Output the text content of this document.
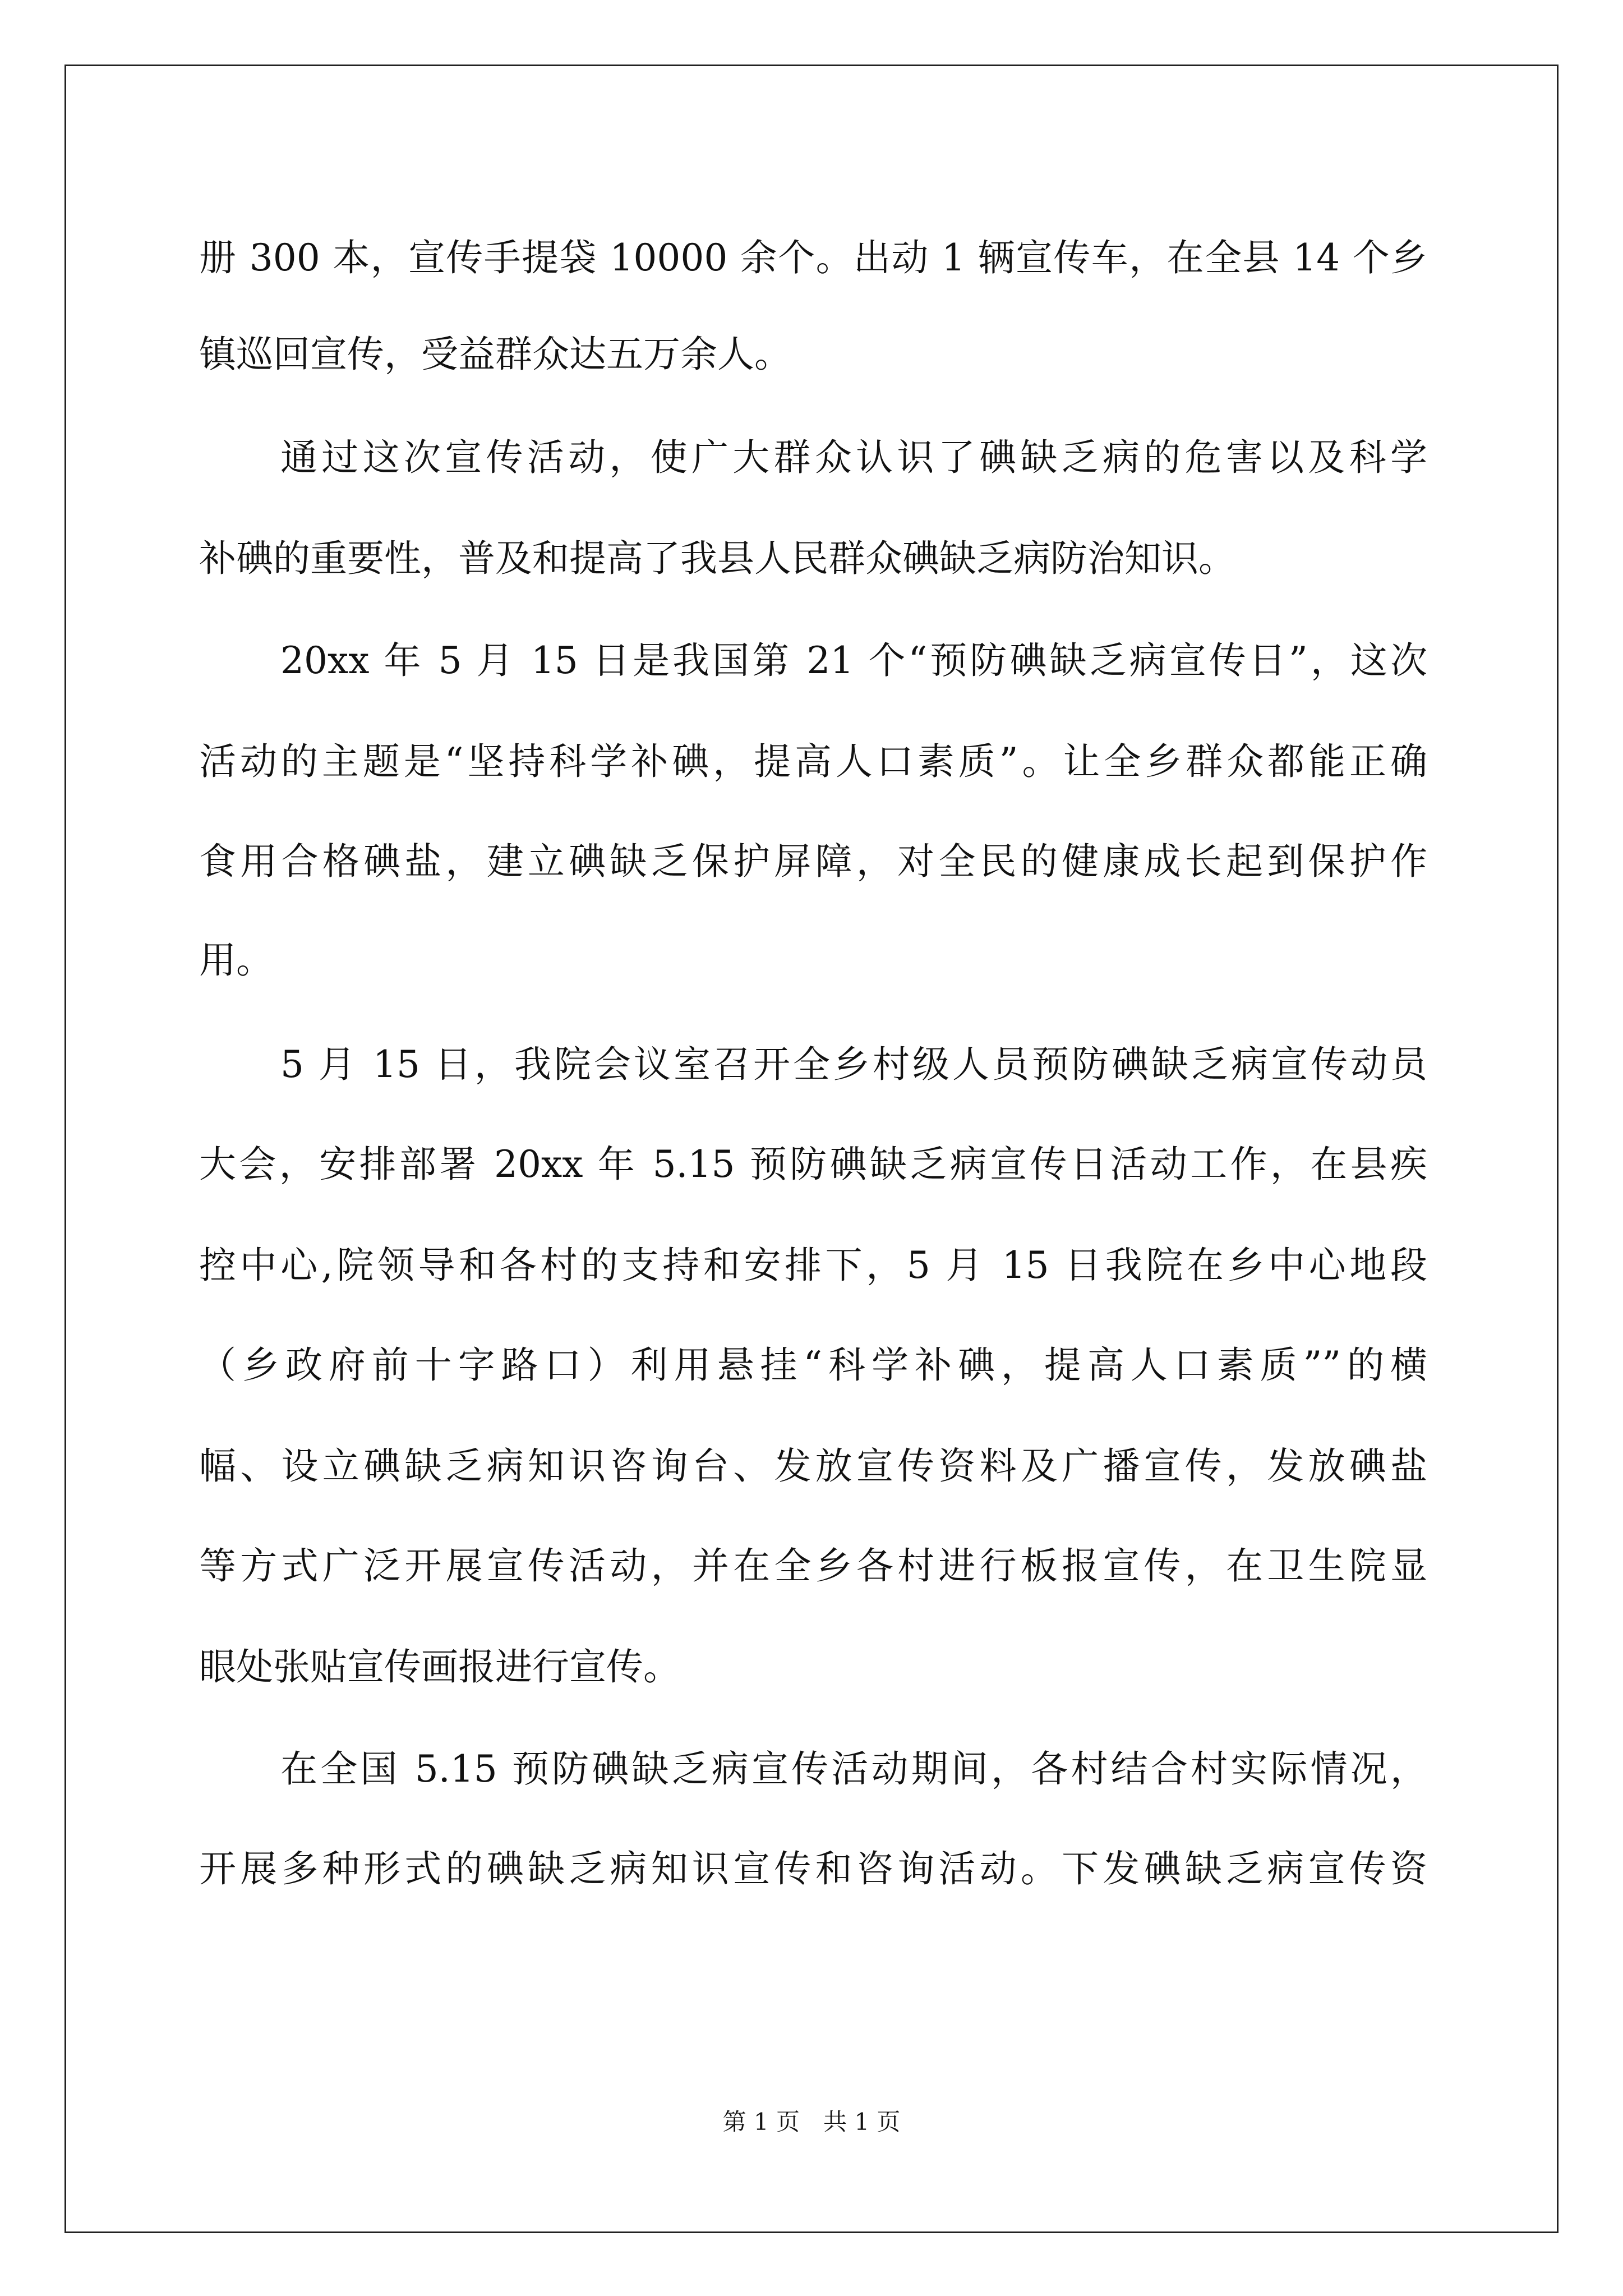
册 300 本，宣传手提袋 10000 余个。出动 1 辆宣传车，在全县 14 个乡
镇巡回宣传，受益群众达五万余人。
通过这次宣传活动，使广大群众认识了碘缺乏病的危害以及科学
补碘的重要性，普及和提高了我县人民群众碘缺乏病防治知识。
20xx 年 5 月 15 日是我国第 21 个“预防碘缺乏病宣传日”，这次
活动的主题是“坚持科学补碘，提高人口素质”。让全乡群众都能正确
食用合格碘盐，建立碘缺乏保护屏障，对全民的健康成长起到保护作
用。
5 月 15 日，我院会议室召开全乡村级人员预防碘缺乏病宣传动员
大会，安排部署 20xx 年 5.15 预防碘缺乏病宣传日活动工作，在县疾
控中心,院领导和各村的支持和安排下，5 月 15 日我院在乡中心地段
（乡政府前十字路口）利用悬挂“科学补碘，提高人口素质””的横
幅、设立碘缺乏病知识咨询台、发放宣传资料及广播宣传，发放碘盐
等方式广泛开展宣传活动，并在全乡各村进行板报宣传，在卫生院显
眼处张贴宣传画报进行宣传。
在全国 5.15 预防碘缺乏病宣传活动期间，各村结合村实际情况，
开展多种形式的碘缺乏病知识宣传和咨询活动。下发碘缺乏病宣传资
第 1 页　共 1 页
